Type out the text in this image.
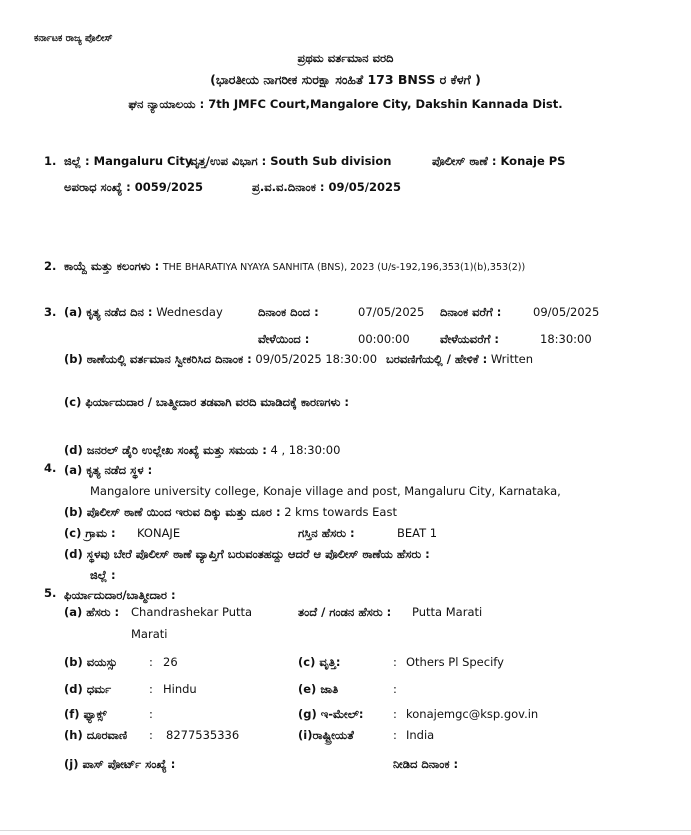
ಕರ್ನಾಟಕ ರಾಜ್ಯ ಪೊಲೀಸ್
ಪ್ರಥಮ ವರ್ತಮಾನ ವರದಿ
(ಭಾರತೀಯ ನಾಗರೀಕ ಸುರಕ್ಷಾ ಸಂಹಿತೆ 173 BNSS ರ ಕೆಳಗೆ )
ಘನ ನ್ಯಾಯಾಲಯ : 7th JMFC Court,Mangalore City, Dakshin Kannada Dist.
1. ಜಿಲ್ಲೆ : Mangaluru City
ವೃತ್ತ/ಉಪ ವಿಭಾಗ : South Sub division	ಪೊಲೀಸ್ ಠಾಣೆ : Konaje PS
ಅಪರಾಧ ಸಂಖ್ಯೆ : 0059/2025	ಪ್ರ.ವ.ವ.ದಿನಾಂಕ : 09/05/2025
2. ಕಾಯ್ದೆ ಮತ್ತು ಕಲಂಗಳು : THE BHARATIYA NYAYA SANHITA (BNS), 2023 (U/s-192,196,353(1)(b),353(2))
3. (a) ಕೃತ್ಯ ನಡೆದ ದಿನ : Wednesday	ದಿನಾಂಕ ದಿಂದ :	07/05/2025 ದಿನಾಂಕ ವರೆಗೆ :	09/05/2025
ವೇಳೆಯಿಂದ :	00:00:00	ವೇಳೆಯವರೆಗೆ :	18:30:00
(b) ಠಾಣೆಯಲ್ಲಿ ವರ್ತಮಾನ ಸ್ವೀಕರಿಸಿದ ದಿನಾಂಕ : 09/05/2025 18:30:00 ಬರವಣಿಗೆಯಲ್ಲಿ / ಹೇಳಿಕೆ : Written
(c) ಫಿರ್ಯಾದುದಾರ / ಬಾತ್ಮೀದಾರ ತಡವಾಗಿ ವರದಿ ಮಾಡಿದಕ್ಕೆ ಕಾರಣಗಳು :
(d) ಜನರಲ್ ಡೈರಿ ಉಲ್ಲೇಖ ಸಂಖ್ಯೆ ಮತ್ತು ಸಮಯ : 4 , 18:30:00
4. (a) ಕೃತ್ಯ ನಡೆದ ಸ್ಥಳ :
Mangalore university college, Konaje village and post, Mangaluru City, Karnataka,
(b) ಪೊಲೀಸ್ ಠಾಣೆ ಯಿಂದ ಇರುವ ದಿಕ್ಕು ಮತ್ತು ದೂರ : 2 kms towards East
(c) ಗ್ರಾಮ : KONAJE	ಗಸ್ತಿನ ಹೆಸರು :	BEAT 1
(d) ಸ್ಥಳವು ಬೇರೆ ಪೊಲೀಸ್ ಠಾಣೆ ವ್ಯಾಪ್ತಿಗೆ ಬರುವಂತಹದ್ದು ಆದರೆ ಆ ಪೊಲೀಸ್ ಠಾಣೆಯ ಹೆಸರು :
ಜಿಲ್ಲೆ :
5. ಫಿರ್ಯಾದುದಾರ/ಬಾತ್ಮೀದಾರ :
(a) ಹೆಸರು : Chandrashekar Putta
Marati
ತಂದೆ / ಗಂಡನ ಹೆಸರು : Putta Marati
(b) ವಯಸ್ಸು	: 26	(c) ವೃತ್ತಿ:	: Others Pl Specify
(d) ಧರ್ಮ	: Hindu	(e) ಜಾತಿ	:
(f) ಫ್ಯಾಕ್ಸ್	:	(g) ಇ-ಮೇಲ್:	: konajemgc@ksp.gov.in
(h) ದೂರವಾಣಿ : 8277535336	(i)ರಾಷ್ಟ್ರೀಯತೆ	: India
(j) ಪಾಸ್ ಪೋರ್ಟ್ ಸಂಖ್ಯೆ :	ನೀಡಿದ ದಿನಾಂಕ :
